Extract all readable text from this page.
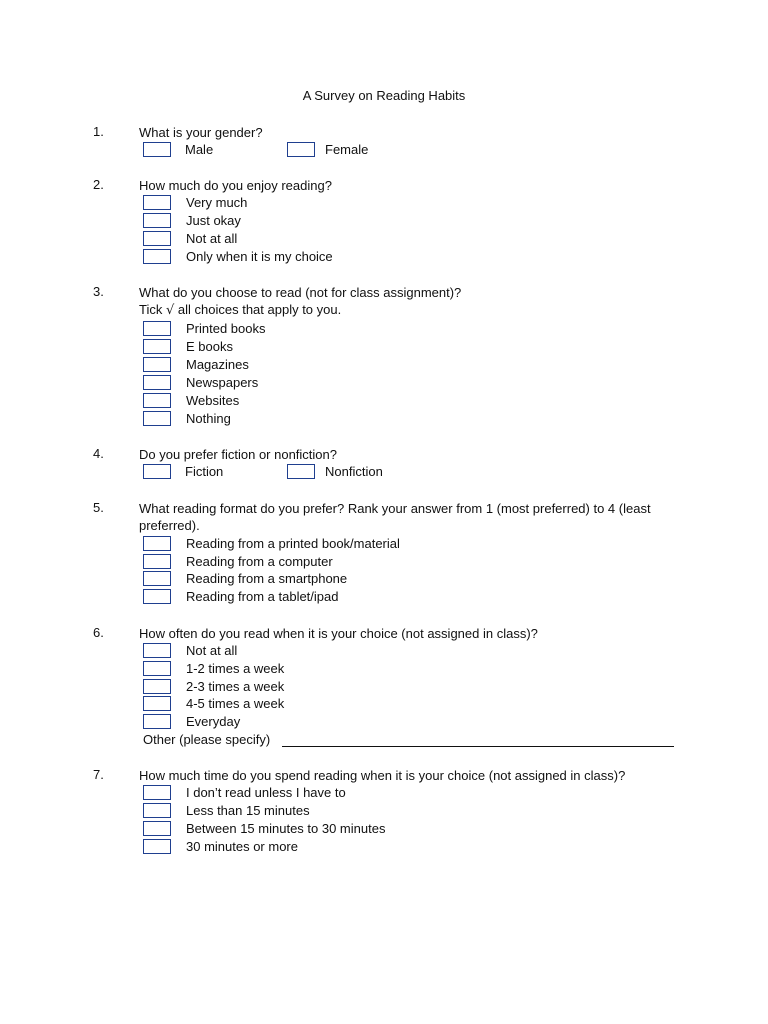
A Survey on Reading Habits
1.	What is your gender?
Male	Female
2.	How much do you enjoy reading?
Very much
Just okay
Not at all
Only when it is my choice
3.	What do you choose to read (not for class assignment)?
Tick √ all choices that apply to you.
Printed books
E books
Magazines
Newspapers
Websites
Nothing
4.	Do you prefer fiction or nonfiction?
Fiction	Nonfiction
5.	What reading format do you prefer? Rank your answer from 1 (most preferred) to 4 (least preferred).
Reading from a printed book/material
Reading from a computer
Reading from a smartphone
Reading from a tablet/ipad
6.	How often do you read when it is your choice (not assigned in class)?
Not at all
1-2 times a week
2-3 times a week
4-5 times a week
Everyday
Other (please specify)
7.	How much time do you spend reading when it is your choice (not assigned in class)?
I don’t read unless I have to
Less than 15 minutes
Between 15 minutes to 30 minutes
30 minutes or more
